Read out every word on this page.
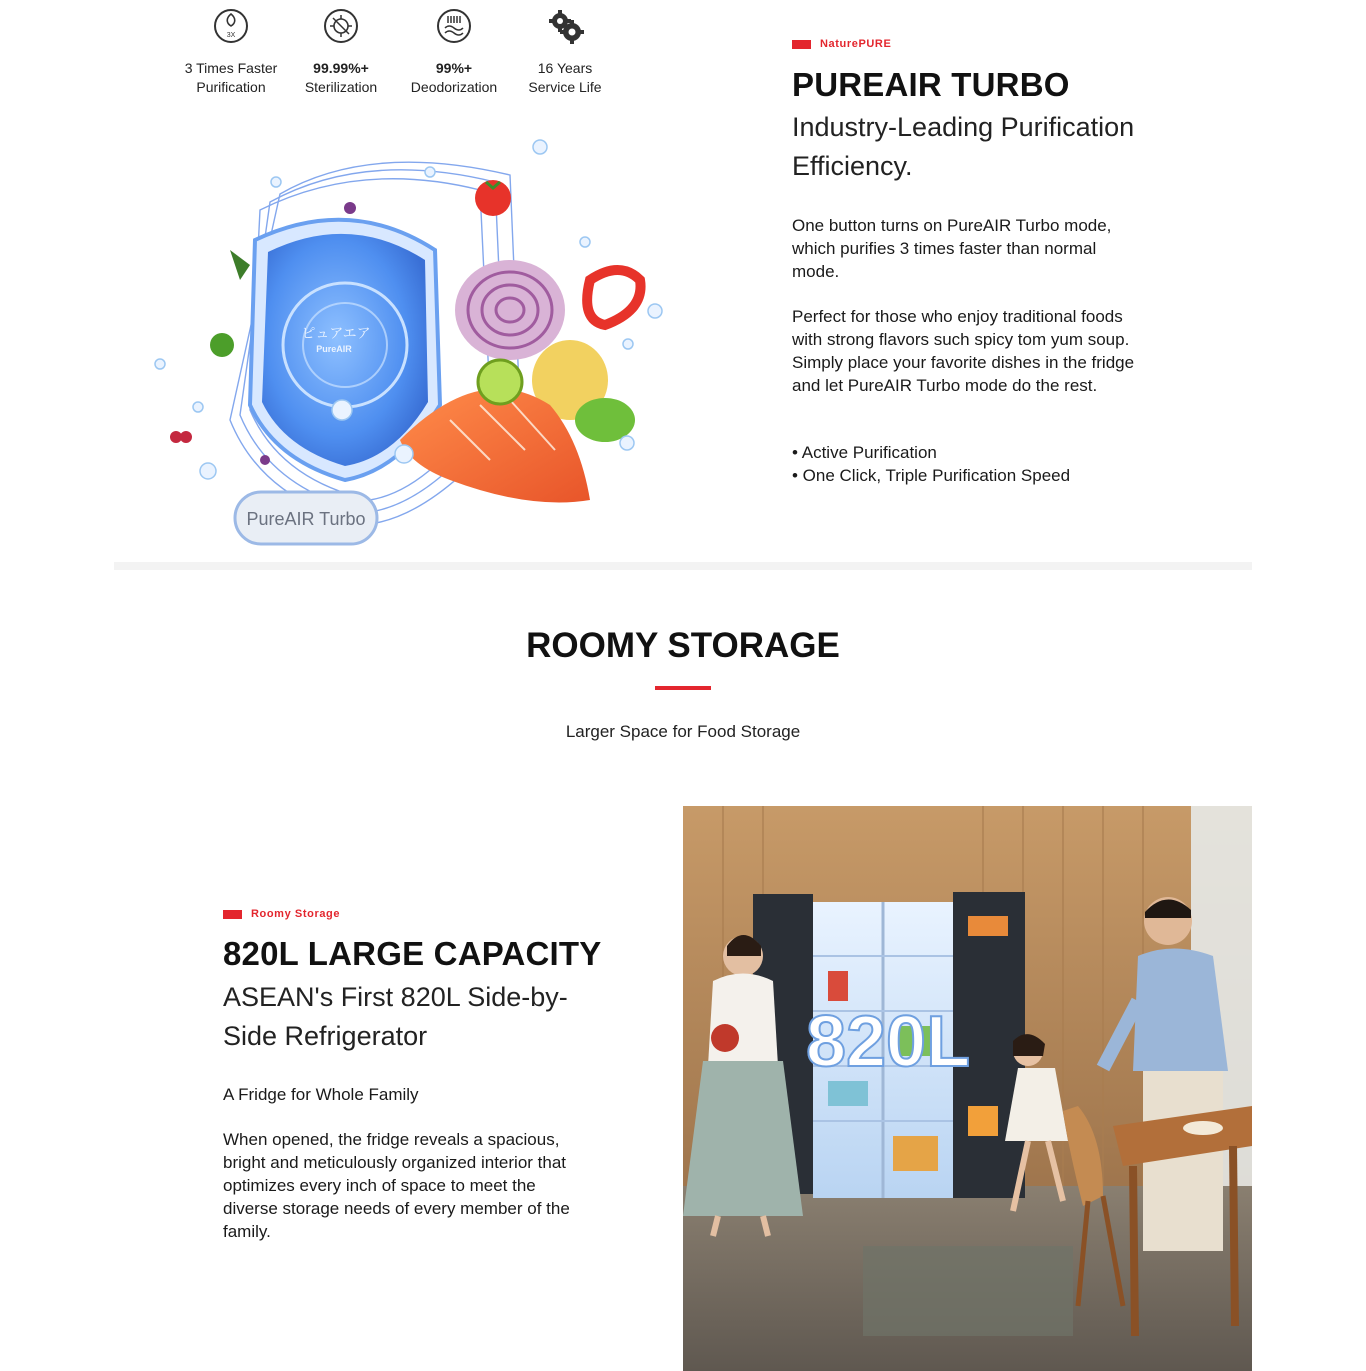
3X
3 Times Faster
Purification
99.99%+
Sterilization
99%+
Deodorization
16 Years
Service Life
ピュアエア
PureAIR
PureAIR Turbo
NaturePURE
PUREAIR TURBO
Industry-Leading Purification Efficiency.
One button turns on PureAIR Turbo mode, which purifies 3 times faster than normal mode.
Perfect for those who enjoy traditional foods with strong flavors such spicy tom yum soup. Simply place your favorite dishes in the fridge and let PureAIR Turbo mode do the rest.
• Active Purification
• One Click, Triple Purification Speed
ROOMY STORAGE
Larger Space for Food Storage
Roomy Storage
820L LARGE CAPACITY
ASEAN's First 820L Side-by-Side Refrigerator
A Fridge for Whole Family
When opened, the fridge reveals a spacious, bright and meticulously organized interior that optimizes every inch of space to meet the diverse storage needs of every member of the family.
820L
